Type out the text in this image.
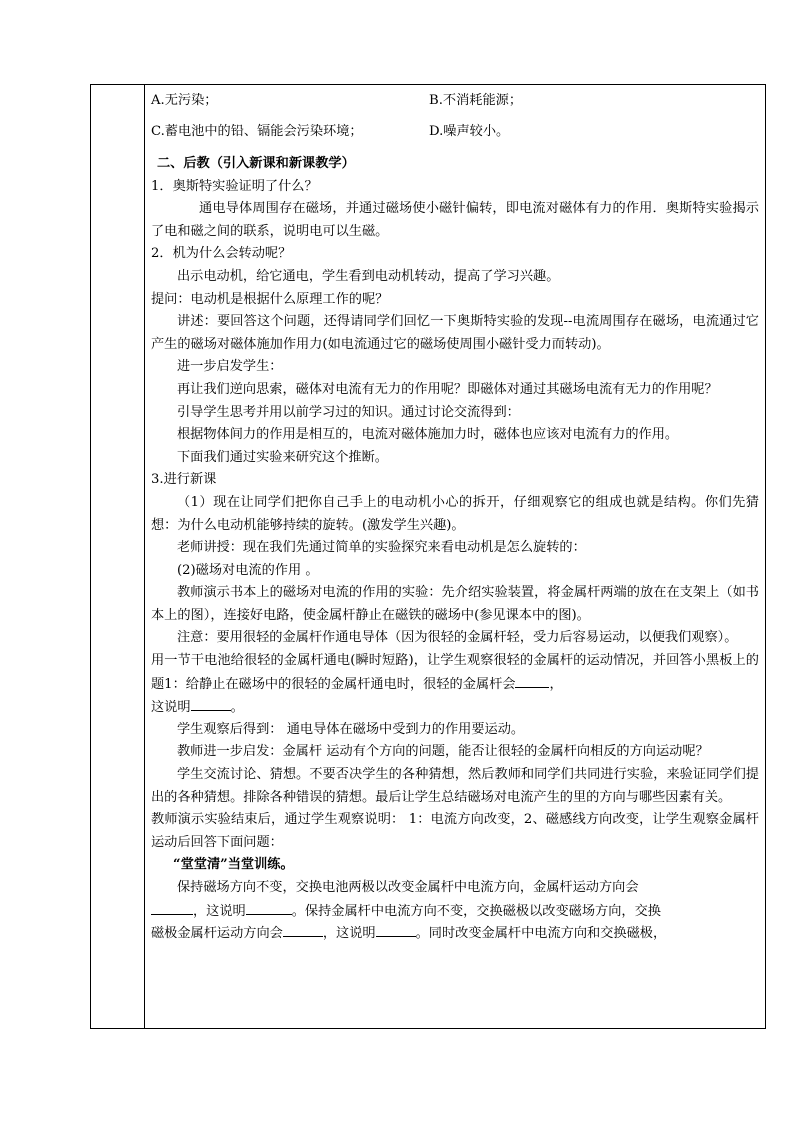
A.无污染；	B.不消耗能源；
C.蓄电池中的铅、镉能会污染环境；	D.噪声较小。
二、后教（引入新课和新课教学）
1．奥斯特实验证明了什么？
通电导体周围存在磁场，并通过磁场使小磁针偏转，即电流对磁体有力的作用．奥斯特实验揭示了电和磁之间的联系，说明电可以生磁。
2．机为什么会转动呢？
出示电动机，给它通电，学生看到电动机转动，提高了学习兴趣。
提问：电动机是根据什么原理工作的呢？
讲述：要回答这个问题，还得请同学们回忆一下奥斯特实验的发现--电流周围存在磁场，电流通过它产生的磁场对磁体施加作用力(如电流通过它的磁场使周围小磁针受力而转动)。
进一步启发学生：
再让我们逆向思索，磁体对电流有无力的作用呢？即磁体对通过其磁场电流有无力的作用呢？
引导学生思考并用以前学习过的知识。通过讨论交流得到：
根据物体间力的作用是相互的，电流对磁体施加力时，磁体也应该对电流有力的作用。
下面我们通过实验来研究这个推断。
3.进行新课
（1）现在让同学们把你自己手上的电动机小心的拆开，仔细观察它的组成也就是结构。你们先猜想：为什么电动机能够持续的旋转。(激发学生兴趣)。
老师讲授：现在我们先通过简单的实验探究来看电动机是怎么旋转的：
(2)磁场对电流的作用 。
教师演示书本上的磁场对电流的作用的实验：先介绍实验装置，将金属杆两端的放在在支架上（如书本上的图），连接好电路，使金属杆静止在磁铁的磁场中(参见课本中的图)。
注意：要用很轻的金属杆作通电导体（因为很轻的金属杆轻，受力后容易运动，以便我们观察）。
用一节干电池给很轻的金属杆通电(瞬时短路)，让学生观察很轻的金属杆的运动情况，并回答小黑板上的题1：给静止在磁场中的很轻的金属杆通电时，很轻的金属杆会	，
这说明	。
学生观察后得到： 通电导体在磁场中受到力的作用要运动。
教师进一步启发：金属杆 运动有个方向的问题，能否让很轻的金属杆向相反的方向运动呢？
学生交流讨论、猜想。不要否决学生的各种猜想，然后教师和同学们共同进行实验，来验证同学们提出的各种猜想。排除各种错误的猜想。最后让学生总结磁场对电流产生的里的方向与哪些因素有关。
教师演示实验结束后，通过学生观察说明： 1：电流方向改变，2、磁感线方向改变，让学生观察金属杆运动后回答下面问题：
“堂堂清”当堂训练。
保持磁场方向不变，交换电池两极以改变金属杆中电流方向，金属杆运动方向会
，这说明	。保持金属杆中电流方向不变，交换磁极以改变磁场方向，交换
磁极金属杆运动方向会	，这说明	。同时改变金属杆中电流方向和交换磁极，
